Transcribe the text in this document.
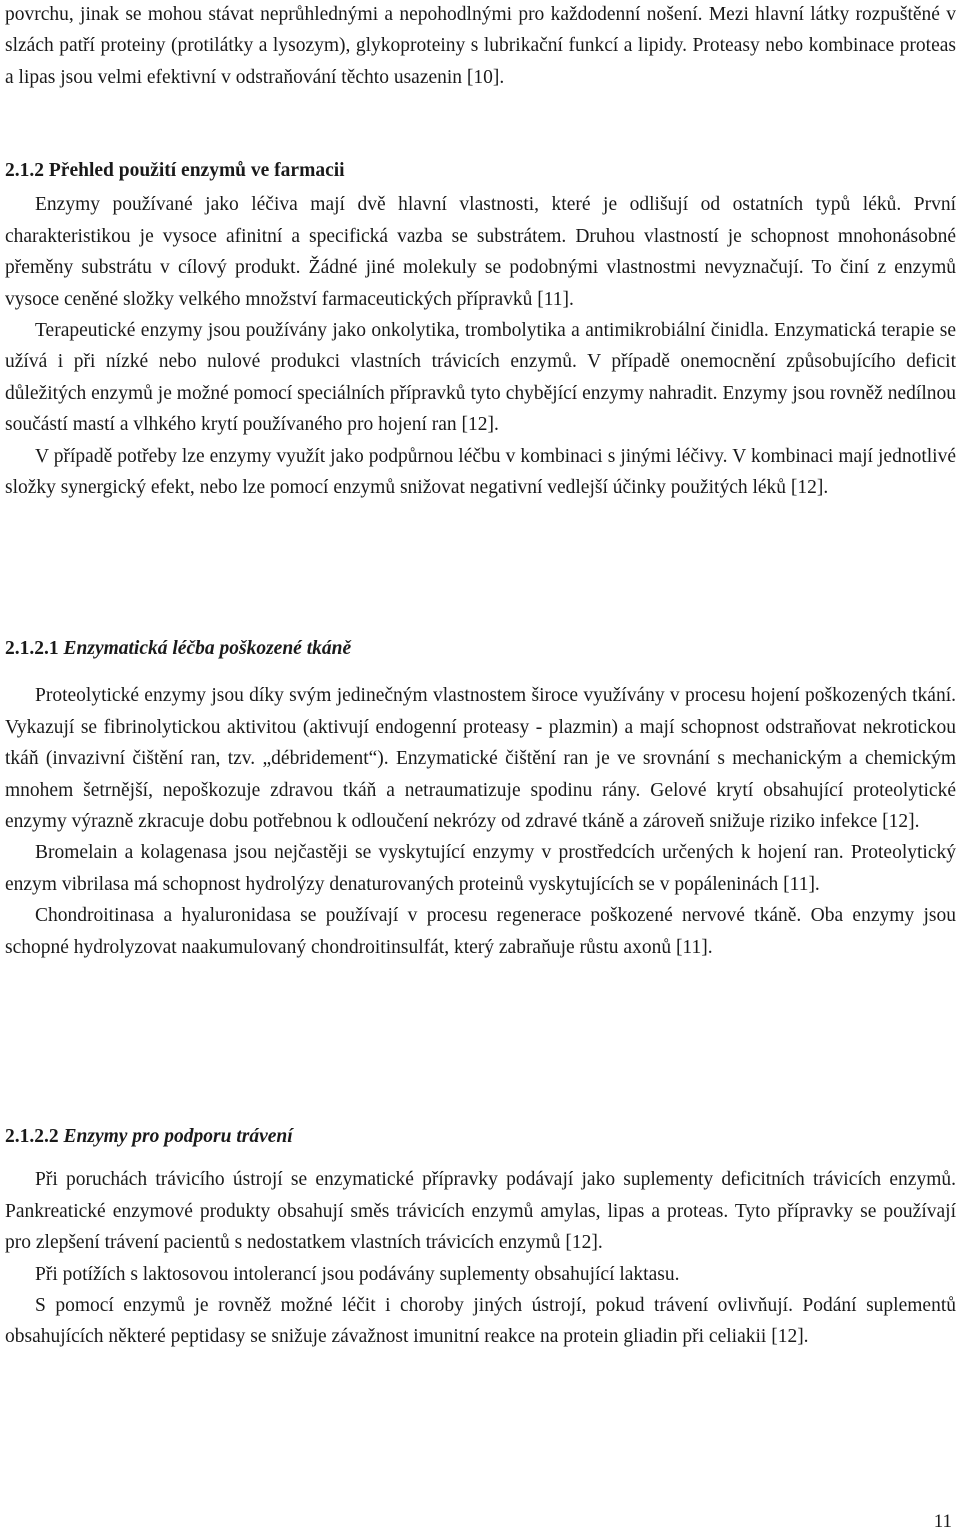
povrchu, jinak se mohou stávat neprůhlednými a nepohodlnými pro každodenní nošení. Mezi hlavní látky rozpuštěné v slzách patří proteiny (protilátky a lysozym), glykoproteiny s lubrikační funkcí a lipidy. Proteasy nebo kombinace proteas a lipas jsou velmi efektivní v odstraňování těchto usazenin [10].

2.1.2 Přehled použití enzymů ve farmacii

Enzymy používané jako léčiva mají dvě hlavní vlastnosti, které je odlišují od ostatních typů léků. První charakteristikou je vysoce afinitní a specifická vazba se substrátem. Druhou vlastností je schopnost mnohonásobné přeměny substrátu v cílový produkt. Žádné jiné molekuly se podobnými vlastnostmi nevyznačují. To činí z enzymů vysoce ceněné složky velkého množství farmaceutických přípravků [11].

Terapeutické enzymy jsou používány jako onkolytika, trombolytika a antimikrobiální činidla. Enzymatická terapie se užívá i při nízké nebo nulové produkci vlastních trávicích enzymů. V případě onemocnění způsobujícího deficit důležitých enzymů je možné pomocí speciálních přípravků tyto chybějící enzymy nahradit. Enzymy jsou rovněž nedílnou součástí mastí a vlhkého krytí používaného pro hojení ran [12].

V případě potřeby lze enzymy využít jako podpůrnou léčbu v kombinaci s jinými léčivy. V kombinaci mají jednotlivé složky synergický efekt, nebo lze pomocí enzymů snižovat negativní vedlejší účinky použitých léků [12].

2.1.2.1 Enzymatická léčba poškozené tkáně

Proteolytické enzymy jsou díky svým jedinečným vlastnostem široce využívány v procesu hojení poškozených tkání. Vykazují se fibrinolytickou aktivitou (aktivují endogenní proteasy - plazmin) a mají schopnost odstraňovat nekrotickou tkáň (invazivní čištění ran, tzv. „débridement“). Enzymatické čištění ran je ve srovnání s mechanickým a chemickým mnohem šetrnější, nepoškozuje zdravou tkáň a netraumatizuje spodinu rány. Gelové krytí obsahující proteolytické enzymy výrazně zkracuje dobu potřebnou k odloučení nekrózy od zdravé tkáně a zároveň snižuje riziko infekce [12].

Bromelain a kolagenasa jsou nejčastěji se vyskytující enzymy v prostředcích určených k hojení ran. Proteolytický enzym vibrilasa má schopnost hydrolýzy denaturovaných proteinů vyskytujících se v popáleninách [11].

Chondroitinasa a hyaluronidasa se používají v procesu regenerace poškozené nervové tkáně. Oba enzymy jsou schopné hydrolyzovat naakumulovaný chondroitinsulfát, který zabraňuje růstu axonů [11].

2.1.2.2 Enzymy pro podporu trávení

Při poruchách trávicího ústrojí se enzymatické přípravky podávají jako suplementy deficitních trávicích enzymů. Pankreatické enzymové produkty obsahují směs trávicích enzymů amylas, lipas a proteas. Tyto přípravky se používají pro zlepšení trávení pacientů s nedostatkem vlastních trávicích enzymů [12].

Při potížích s laktosovou intolerancí jsou podávány suplementy obsahující laktasu.

S pomocí enzymů je rovněž možné léčit i choroby jiných ústrojí, pokud trávení ovlivňují. Podání suplementů obsahujících některé peptidasy se snižuje závažnost imunitní reakce na protein gliadin při celiakii [12].

11
